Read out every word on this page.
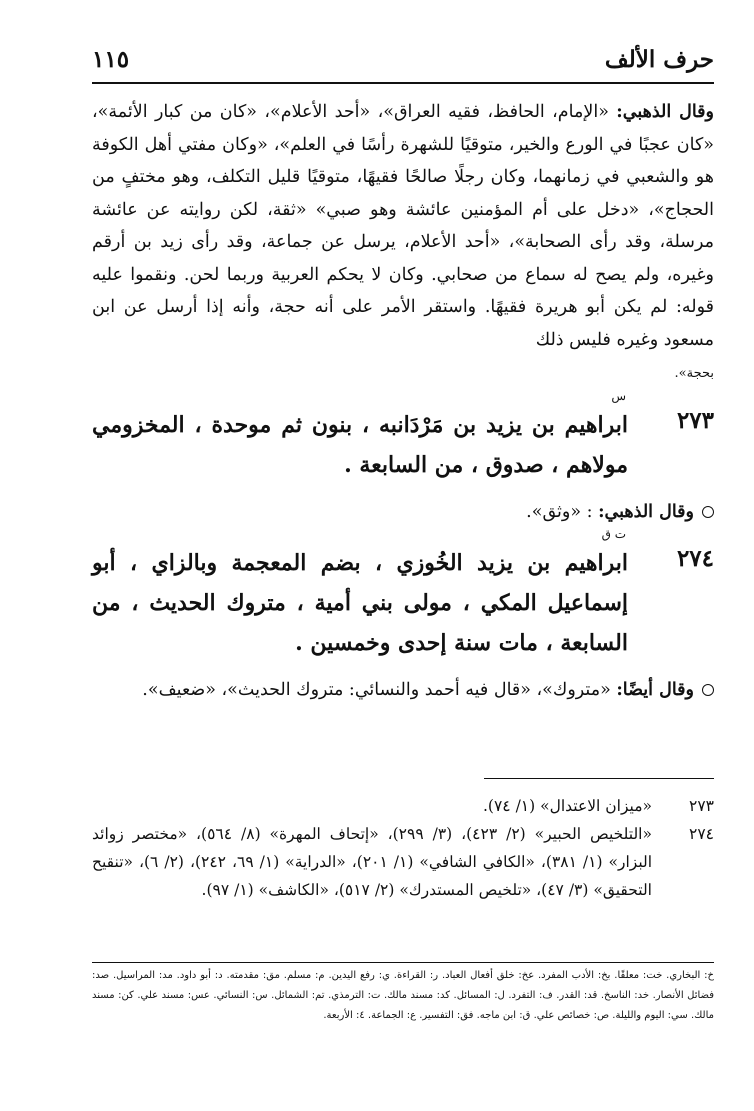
حرف الألف
١١٥

وقال الذهبي: «الإمام، الحافظ، فقيه العراق»، «أحد الأعلام»، «كان من كبار الأئمة»، «كان عجبًا في الورع والخير، متوقيًا للشهرة رأسًا في العلم»، «وكان مفتي أهل الكوفة هو والشعبي في زمانهما، وكان رجلًا صالحًا فقيهًا، متوقيًا قليل التكلف، وهو مختفٍ من الحجاج»، «دخل على أم المؤمنين عائشة وهو صبي» «ثقة، لكن روايته عن عائشة مرسلة، وقد رأى الصحابة»، «أحد الأعلام، يرسل عن جماعة، وقد رأى زيد بن أرقم وغيره، ولم يصح له سماع من صحابي. وكان لا يحكم العربية وربما لحن. ونقموا عليه قوله: لم يكن أبو هريرة فقيهًا. واستقر الأمر على أنه حجة، وأنه إذا أرسل عن ابن مسعود وغيره فليس ذلك
بحجة».

س
٢٧٣

ابراهيم بن يزيد بن مَرْدَانبه ، بنون ثم موحدة ، المخزومي مولاهم ، صدوق ، من السابعة .

وقال الذهبي: : «وثق».
ت ق
٢٧٤

ابراهيم بن يزيد الخُوزي ، بضم المعجمة وبالزاي ، أبو إسماعيل المكي ، مولى بني أمية ، متروك الحديث ، من السابعة ، مات سنة إحدى وخمسين .

وقال أيضًا: «متروك»، «قال فيه أحمد والنسائي: متروك الحديث»، «ضعيف».
٢٧٣

«ميزان الاعتدال» (١/ ٧٤).

٢٧٤

«التلخيص الحبير» (٢/ ٤٢٣)، (٣/ ٢٩٩)، «إتحاف المهرة» (٨/ ٥٦٤)، «مختصر زوائد البزار» (١/ ٣٨١)، «الكافي الشافي» (١/ ٢٠١)، «الدراية» (١/ ٦٩، ٢٤٢)، (٢/ ٦)، «تنقيح التحقيق» (٣/ ٤٧)، «تلخيص المستدرك» (٢/ ٥١٧)، «الكاشف» (١/ ٩٧).

خ: البخاري. خت: معلقًا. بخ: الأدب المفرد. عخ: خلق أفعال العباد. ر: القراءة. ي: رفع اليدين. م: مسلم. مق: مقدمته. د: أبو داود. مد: المراسيل. صد: فضائل الأنصار. خد: الناسخ. قد: القدر. ف: التفرد. ل: المسائل. كد: مسند مالك. ت: الترمذي. تم: الشمائل. س: النسائي. عس: مسند علي. كن: مسند مالك. سي: اليوم والليلة. ص: خصائص علي. ق: ابن ماجه. فق: التفسير. ع: الجماعة. ٤: الأربعة.
